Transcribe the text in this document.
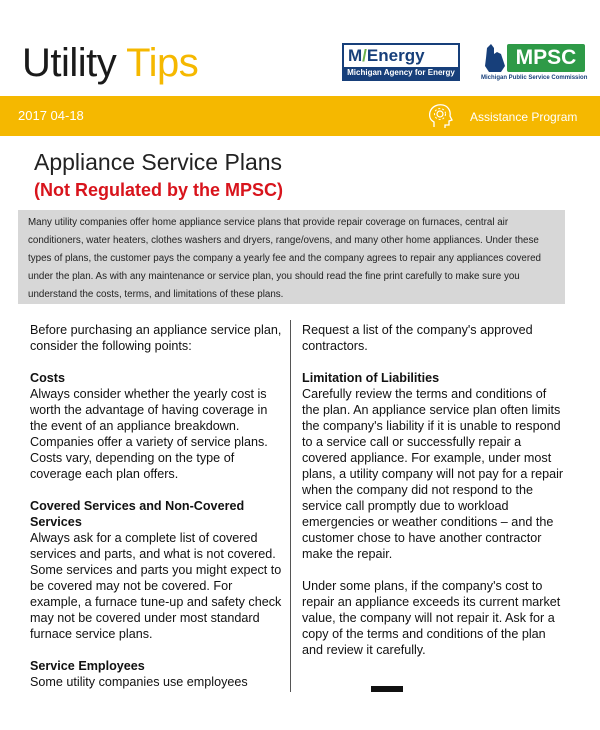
Utility Tips	M/Energy
Michigan Agency for Energy
MPSC
Michigan Public Service Commission
2017 04-18	Assistance Program
Appliance Service Plans
(Not Regulated by the MPSC)
Many utility companies offer home appliance service plans that provide repair coverage on furnaces, central air conditioners, water heaters, clothes washers and dryers, range/ovens, and many other home appliances. Under these types of plans, the customer pays the company a yearly fee and the company agrees to repair any appliances covered under the plan. As with any maintenance or service plan, you should read the fine print carefully to make sure you understand the costs, terms, and limitations of these plans.

Before purchasing an appliance service plan, consider the following points:

Costs

Always consider whether the yearly cost is worth the advantage of having coverage in the event of an appliance breakdown. Companies offer a variety of service plans. Costs vary, depending on the type of coverage each plan offers.

Covered Services and Non-Covered Services

Always ask for a complete list of covered services and parts, and what is not covered. Some services and parts you might expect to be covered may not be covered. For example, a furnace tune-up and safety check may not be covered under most standard furnace service plans.

Service Employees

Some utility companies use employees

Request a list of the company's approved contractors.

Limitation of Liabilities

Carefully review the terms and conditions of the plan. An appliance service plan often limits the company's liability if it is unable to respond to a service call or successfully repair a covered appliance. For example, under most plans, a utility company will not pay for a repair when the company did not respond to the service call promptly due to workload emergencies or weather conditions – and the customer chose to have another contractor make the repair.

Under some plans, if the company's cost to repair an appliance exceeds its current market value, the company will not repair it. Ask for a copy of the terms and conditions of the plan and review it carefully.
